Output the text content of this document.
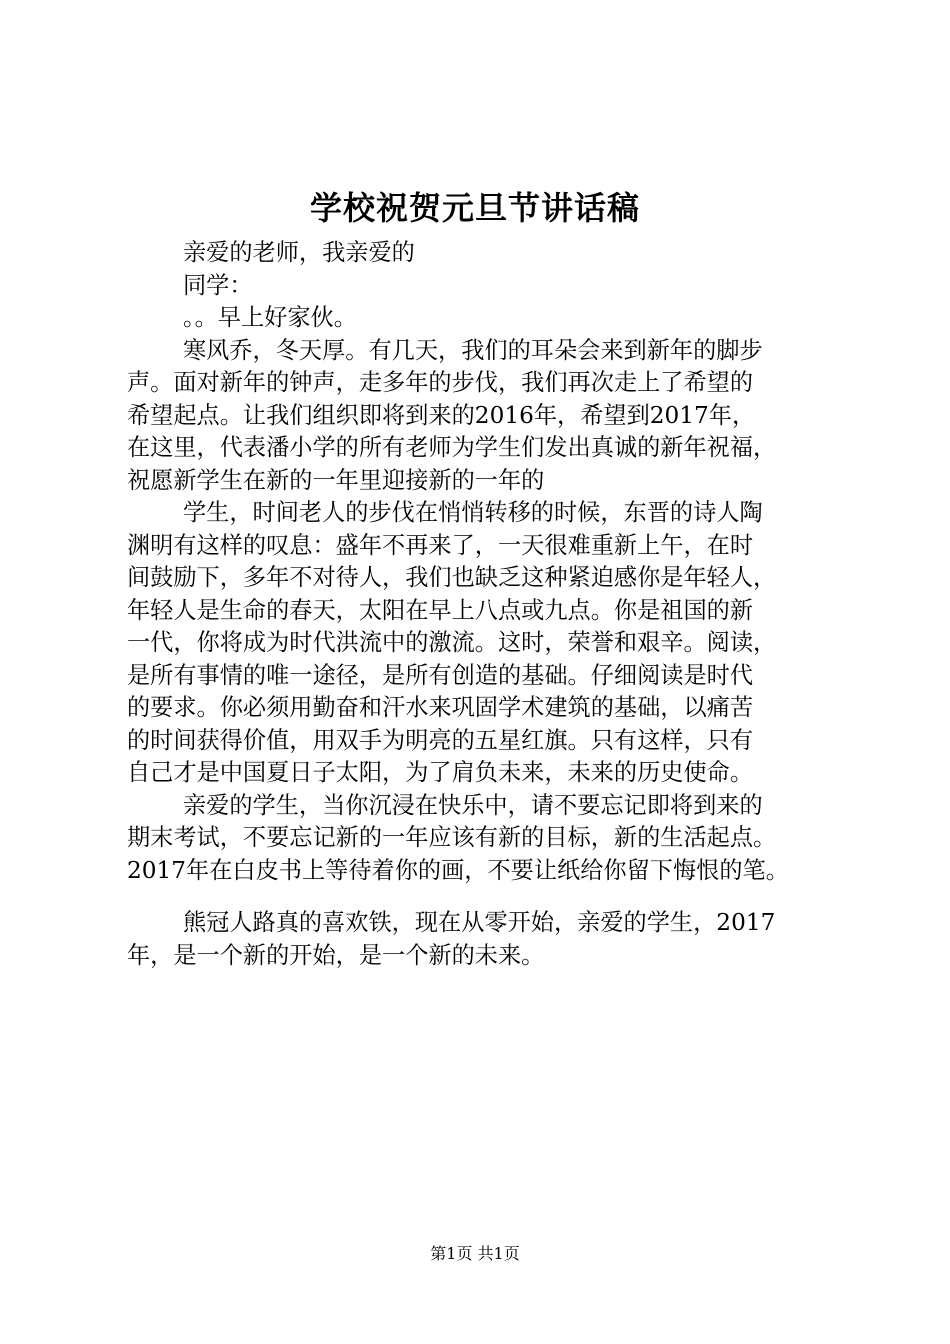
学校祝贺元旦节讲话稿
亲爱的老师，我亲爱的
同学：
。。早上好家伙。
寒风乔，冬天厚。有几天，我们的耳朵会来到新年的脚步
声。面对新年的钟声，走多年的步伐，我们再次走上了希望的
希望起点。让我们组织即将到来的2016年，希望到2017年，
在这里，代表潘小学的所有老师为学生们发出真诚的新年祝福，
祝愿新学生在新的一年里迎接新的一年的
学生，时间老人的步伐在悄悄转移的时候，东晋的诗人陶
渊明有这样的叹息：盛年不再来了，一天很难重新上午，在时
间鼓励下，多年不对待人，我们也缺乏这种紧迫感你是年轻人，
年轻人是生命的春天，太阳在早上八点或九点。你是祖国的新
一代，你将成为时代洪流中的激流。这时，荣誉和艰辛。阅读，
是所有事情的唯一途径，是所有创造的基础。仔细阅读是时代
的要求。你必须用勤奋和汗水来巩固学术建筑的基础，以痛苦
的时间获得价值，用双手为明亮的五星红旗。只有这样，只有
自己才是中国夏日子太阳，为了肩负未来，未来的历史使命。
亲爱的学生，当你沉浸在快乐中，请不要忘记即将到来的
期末考试，不要忘记新的一年应该有新的目标，新的生活起点。
2017年在白皮书上等待着你的画，不要让纸给你留下悔恨的笔。
熊冠人路真的喜欢铁，现在从零开始，亲爱的学生，2017
年，是一个新的开始，是一个新的未来。
第1页 共1页
